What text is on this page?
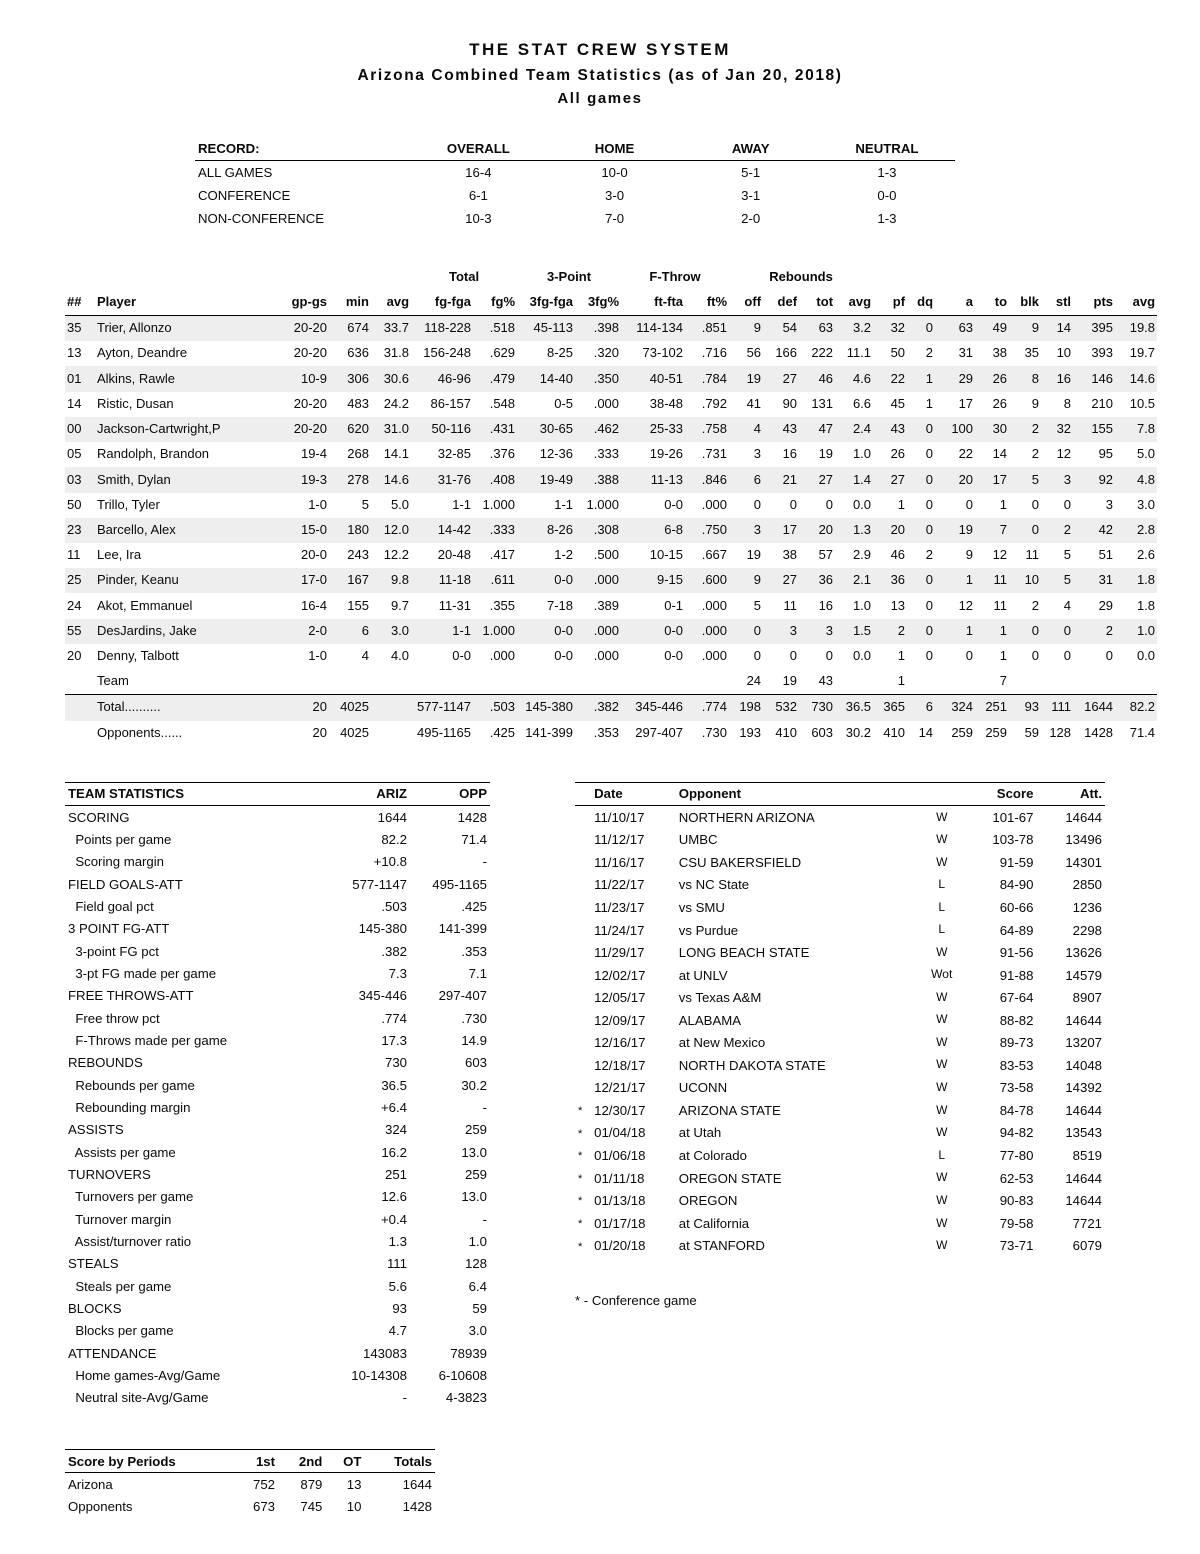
THE STAT CREW SYSTEM
Arizona Combined Team Statistics (as of Jan 20, 2018)
All games
RECORD:	OVERALL	HOME	AWAY	NEUTRAL
ALL GAMES	16-4	10-0	5-1	1-3
CONFERENCE	6-1	3-0	3-1	0-0
NON-CONFERENCE	10-3	7-0	2-0	1-3
					Total		3-Point		F-Throw		Rebounds											
##	Player	gp-gs	min	avg	fg-fga	fg%	3fg-fga	3fg%	ft-fta	ft%	off	def	tot	avg	pf	dq	a	to	blk	stl	pts	avg
35	Trier, Allonzo	20-20	674	33.7	118-228	.518	45-113	.398	114-134	.851	9	54	63	3.2	32	0	63	49	9	14	395	19.8
13	Ayton, Deandre	20-20	636	31.8	156-248	.629	8-25	.320	73-102	.716	56	166	222	11.1	50	2	31	38	35	10	393	19.7
01	Alkins, Rawle	10-9	306	30.6	46-96	.479	14-40	.350	40-51	.784	19	27	46	4.6	22	1	29	26	8	16	146	14.6
14	Ristic, Dusan	20-20	483	24.2	86-157	.548	0-5	.000	38-48	.792	41	90	131	6.6	45	1	17	26	9	8	210	10.5
00	Jackson-Cartwright,P	20-20	620	31.0	50-116	.431	30-65	.462	25-33	.758	4	43	47	2.4	43	0	100	30	2	32	155	7.8
05	Randolph, Brandon	19-4	268	14.1	32-85	.376	12-36	.333	19-26	.731	3	16	19	1.0	26	0	22	14	2	12	95	5.0
03	Smith, Dylan	19-3	278	14.6	31-76	.408	19-49	.388	11-13	.846	6	21	27	1.4	27	0	20	17	5	3	92	4.8
50	Trillo, Tyler	1-0	5	5.0	1-1	1.000	1-1	1.000	0-0	.000	0	0	0	0.0	1	0	0	1	0	0	3	3.0
23	Barcello, Alex	15-0	180	12.0	14-42	.333	8-26	.308	6-8	.750	3	17	20	1.3	20	0	19	7	0	2	42	2.8
11	Lee, Ira	20-0	243	12.2	20-48	.417	1-2	.500	10-15	.667	19	38	57	2.9	46	2	9	12	11	5	51	2.6
25	Pinder, Keanu	17-0	167	9.8	11-18	.611	0-0	.000	9-15	.600	9	27	36	2.1	36	0	1	11	10	5	31	1.8
24	Akot, Emmanuel	16-4	155	9.7	11-31	.355	7-18	.389	0-1	.000	5	11	16	1.0	13	0	12	11	2	4	29	1.8
55	DesJardins, Jake	2-0	6	3.0	1-1	1.000	0-0	.000	0-0	.000	0	3	3	1.5	2	0	1	1	0	0	2	1.0
20	Denny, Talbott	1-0	4	4.0	0-0	.000	0-0	.000	0-0	.000	0	0	0	0.0	1	0	0	1	0	0	0	0.0
	Team										24	19	43		1			7				
	Total..........	20	4025		577-1147	.503	145-380	.382	345-446	.774	198	532	730	36.5	365	6	324	251	93	111	1644	82.2
	Opponents......	20	4025		495-1165	.425	141-399	.353	297-407	.730	193	410	603	30.2	410	14	259	259	59	128	1428	71.4
TEAM STATISTICS	ARIZ	OPP
SCORING	1644	1428
Points per game	82.2	71.4
Scoring margin	+10.8	-
FIELD GOALS-ATT	577-1147	495-1165
Field goal pct	.503	.425
3 POINT FG-ATT	145-380	141-399
3-point FG pct	.382	.353
3-pt FG made per game	7.3	7.1
FREE THROWS-ATT	345-446	297-407
Free throw pct	.774	.730
F-Throws made per game	17.3	14.9
REBOUNDS	730	603
Rebounds per game	36.5	30.2
Rebounding margin	+6.4	-
ASSISTS	324	259
Assists per game	16.2	13.0
TURNOVERS	251	259
Turnovers per game	12.6	13.0
Turnover margin	+0.4	-
Assist/turnover ratio	1.3	1.0
STEALS	111	128
Steals per game	5.6	6.4
BLOCKS	93	59
Blocks per game	4.7	3.0
ATTENDANCE	143083	78939
Home games-Avg/Game	10-14308	6-10608
Neutral site-Avg/Game	-	4-3823
Score by Periods	1st	2nd	OT	Totals
Arizona	752	879	13	1644
Opponents	673	745	10	1428
	Date	Opponent		Score	Att.
	11/10/17	NORTHERN ARIZONA	W	101-67	14644
	11/12/17	UMBC	W	103-78	13496
	11/16/17	CSU BAKERSFIELD	W	91-59	14301
	11/22/17	vs NC State	L	84-90	2850
	11/23/17	vs SMU	L	60-66	1236
	11/24/17	vs Purdue	L	64-89	2298
	11/29/17	LONG BEACH STATE	W	91-56	13626
	12/02/17	at UNLV	Wot	91-88	14579
	12/05/17	vs Texas A&M	W	67-64	8907
	12/09/17	ALABAMA	W	88-82	14644
	12/16/17	at New Mexico	W	89-73	13207
	12/18/17	NORTH DAKOTA STATE	W	83-53	14048
	12/21/17	UCONN	W	73-58	14392
*	12/30/17	ARIZONA STATE	W	84-78	14644
*	01/04/18	at Utah	W	94-82	13543
*	01/06/18	at Colorado	L	77-80	8519
*	01/11/18	OREGON STATE	W	62-53	14644
*	01/13/18	OREGON	W	90-83	14644
*	01/17/18	at California	W	79-58	7721
*	01/20/18	at STANFORD	W	73-71	6079
* - Conference game
